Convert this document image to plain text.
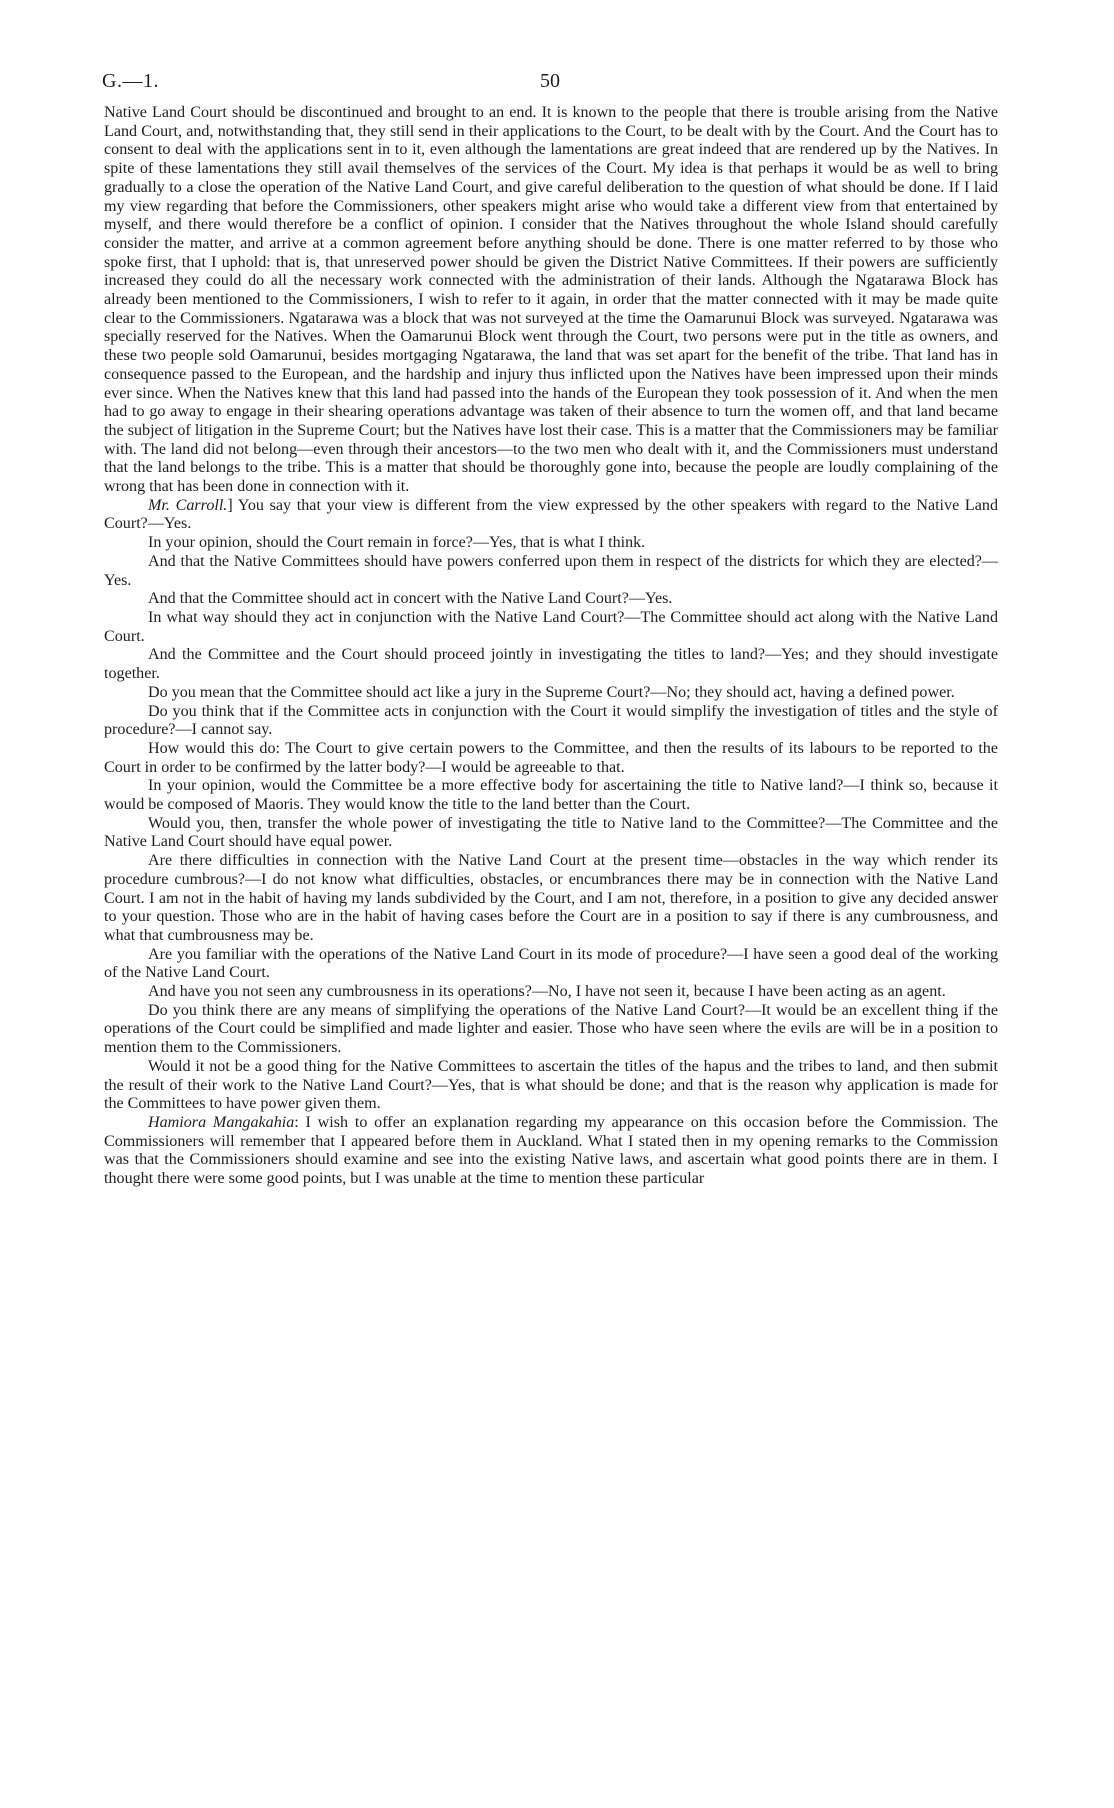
G.—1.	50

Native Land Court should be discontinued and brought to an end. It is known to the people that there is trouble arising from the Native Land Court, and, notwithstanding that, they still send in their applications to the Court, to be dealt with by the Court. And the Court has to consent to deal with the applications sent in to it, even although the lamentations are great indeed that are rendered up by the Natives. In spite of these lamentations they still avail themselves of the services of the Court. My idea is that perhaps it would be as well to bring gradually to a close the operation of the Native Land Court, and give careful deliberation to the question of what should be done. If I laid my view regarding that before the Commissioners, other speakers might arise who would take a different view from that entertained by myself, and there would therefore be a conflict of opinion. I consider that the Natives throughout the whole Island should carefully consider the matter, and arrive at a common agreement before anything should be done. There is one matter referred to by those who spoke first, that I uphold: that is, that unreserved power should be given the District Native Committees. If their powers are sufficiently increased they could do all the necessary work connected with the administration of their lands. Although the Ngatarawa Block has already been mentioned to the Commissioners, I wish to refer to it again, in order that the matter connected with it may be made quite clear to the Commissioners. Ngatarawa was a block that was not surveyed at the time the Oamarunui Block was surveyed. Ngatarawa was specially reserved for the Natives. When the Oamarunui Block went through the Court, two persons were put in the title as owners, and these two people sold Oamarunui, besides mortgaging Ngatarawa, the land that was set apart for the benefit of the tribe. That land has in consequence passed to the European, and the hardship and injury thus inflicted upon the Natives have been impressed upon their minds ever since. When the Natives knew that this land had passed into the hands of the European they took possession of it. And when the men had to go away to engage in their shearing operations advantage was taken of their absence to turn the women off, and that land became the subject of litigation in the Supreme Court; but the Natives have lost their case. This is a matter that the Commissioners may be familiar with. The land did not belong—even through their ancestors—to the two men who dealt with it, and the Commissioners must understand that the land belongs to the tribe. This is a matter that should be thoroughly gone into, because the people are loudly complaining of the wrong that has been done in connection with it.

Mr. Carroll.] You say that your view is different from the view expressed by the other speakers with regard to the Native Land Court?—Yes.

In your opinion, should the Court remain in force?—Yes, that is what I think.

And that the Native Committees should have powers conferred upon them in respect of the districts for which they are elected?—Yes.

And that the Committee should act in concert with the Native Land Court?—Yes.

In what way should they act in conjunction with the Native Land Court?—The Committee should act along with the Native Land Court.

And the Committee and the Court should proceed jointly in investigating the titles to land?—Yes; and they should investigate together.

Do you mean that the Committee should act like a jury in the Supreme Court?—No; they should act, having a defined power.

Do you think that if the Committee acts in conjunction with the Court it would simplify the investigation of titles and the style of procedure?—I cannot say.

How would this do: The Court to give certain powers to the Committee, and then the results of its labours to be reported to the Court in order to be confirmed by the latter body?—I would be agreeable to that.

In your opinion, would the Committee be a more effective body for ascertaining the title to Native land?—I think so, because it would be composed of Maoris. They would know the title to the land better than the Court.

Would you, then, transfer the whole power of investigating the title to Native land to the Committee?—The Committee and the Native Land Court should have equal power.

Are there difficulties in connection with the Native Land Court at the present time—obstacles in the way which render its procedure cumbrous?—I do not know what difficulties, obstacles, or encumbrances there may be in connection with the Native Land Court. I am not in the habit of having my lands subdivided by the Court, and I am not, therefore, in a position to give any decided answer to your question. Those who are in the habit of having cases before the Court are in a position to say if there is any cumbrousness, and what that cumbrousness may be.

Are you familiar with the operations of the Native Land Court in its mode of procedure?—I have seen a good deal of the working of the Native Land Court.

And have you not seen any cumbrousness in its operations?—No, I have not seen it, because I have been acting as an agent.

Do you think there are any means of simplifying the operations of the Native Land Court?—It would be an excellent thing if the operations of the Court could be simplified and made lighter and easier. Those who have seen where the evils are will be in a position to mention them to the Commissioners.

Would it not be a good thing for the Native Committees to ascertain the titles of the hapus and the tribes to land, and then submit the result of their work to the Native Land Court?—Yes, that is what should be done; and that is the reason why application is made for the Committees to have power given them.

Hamiora Mangakahia: I wish to offer an explanation regarding my appearance on this occasion before the Commission. The Commissioners will remember that I appeared before them in Auckland. What I stated then in my opening remarks to the Commission was that the Commissioners should examine and see into the existing Native laws, and ascertain what good points there are in them. I thought there were some good points, but I was unable at the time to mention these particular
